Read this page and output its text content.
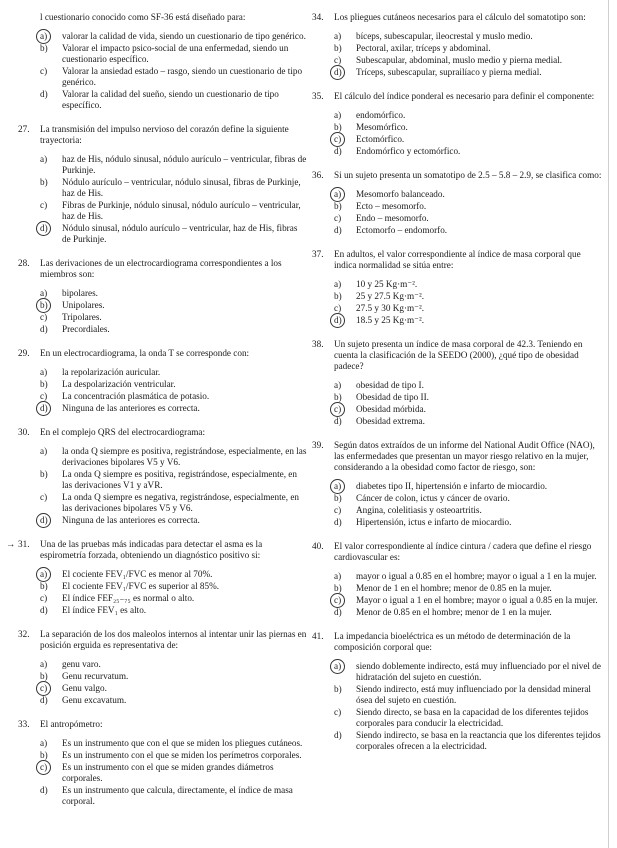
l cuestionario conocido como SF-36 está diseñado para:
a)	valorar la calidad de vida, siendo un cuestionario de tipo genérico.
b)	Valorar el impacto psico-social de una enfermedad, siendo un cuestionario específico.
c)	Valorar la ansiedad estado – rasgo, siendo un cuestionario de tipo genérico.
d)	Valorar la calidad del sueño, siendo un cuestionario de tipo específico.
27.	La transmisión del impulso nervioso del corazón define la siguiente trayectoria:
a)	haz de His, nódulo sinusal, nódulo aurículo – ventricular, fibras de Purkinje.
b)	Nódulo aurículo – ventricular, nódulo sinusal, fibras de Purkinje, haz de His.
c)	Fibras de Purkinje, nódulo sinusal, nódulo aurículo – ventricular, haz de His.
d)	Nódulo sinusal, nódulo aurículo – ventricular, haz de His, fibras de Purkinje.
28.	Las derivaciones de un electrocardiograma correspondientes a los miembros son:
a)	bipolares.
b)	Unipolares.
c)	Tripolares.
d)	Precordiales.
29.	En un electrocardiograma, la onda T se corresponde con:
a)	la repolarización auricular.
b)	La despolarización ventricular.
c)	La concentración plasmática de potasio.
d)	Ninguna de las anteriores es correcta.
30.	En el complejo QRS del electrocardiograma:
a)	la onda Q siempre es positiva, registrándose, especialmente, en las derivaciones bipolares V5 y V6.
b)	La onda Q siempre es positiva, registrándose, especialmente, en las derivaciones V1 y aVR.
c)	La onda Q siempre es negativa, registrándose, especialmente, en las derivaciones bipolares V5 y V6.
d)	Ninguna de las anteriores es correcta.
→ 31.	Una de las pruebas más indicadas para detectar el asma es la espirometría forzada, obteniendo un diagnóstico positivo si:
a)	El cociente FEV₁/FVC es menor al 70%.
b)	El cociente FEV₁/FVC es superior al 85%.
c)	El índice FEF₂₅₋₇₅ es normal o alto.
d)	El índice FEV₁ es alto.
32.	La separación de los dos maleolos internos al intentar unir las piernas en posición erguida es representativa de:
a)	genu varo.
b)	Genu recurvatum.
c)	Genu valgo.
d)	Genu excavatum.
33.	El antropómetro:
a)	Es un instrumento que con el que se miden los pliegues cutáneos.
b)	Es un instrumento con el que se miden los perímetros corporales.
c)	Es un instrumento con el que se miden grandes diámetros corporales.
d)	Es un instrumento que calcula, directamente, el índice de masa corporal.
34.	Los pliegues cutáneos necesarios para el cálculo del somatotipo son:
a)	bíceps, subescapular, ileocrestal y muslo medio.
b)	Pectoral, axilar, tríceps y abdominal.
c)	Subescapular, abdominal, muslo medio y pierna medial.
d)	Tríceps, subescapular, suprailíaco y pierna medial.
35.	El cálculo del índice ponderal es necesario para definir el componente:
a)	endomórfico.
b)	Mesomórfico.
c)	Ectomórfico.
d)	Endomórfico y ectomórfico.
36.	Si un sujeto presenta un somatotipo de 2.5 – 5.8 – 2.9, se clasifica como:
a)	Mesomorfo balanceado.
b)	Ecto – mesomorfo.
c)	Endo – mesomorfo.
d)	Ectomorfo – endomorfo.
37.	En adultos, el valor correspondiente al índice de masa corporal que indica normalidad se sitúa entre:
a)	10 y 25 Kg·m⁻².
b)	25 y 27.5 Kg·m⁻².
c)	27.5 y 30 Kg·m⁻².
d)	18.5 y 25 Kg·m⁻².
38.	Un sujeto presenta un índice de masa corporal de 42.3. Teniendo en cuenta la clasificación de la SEEDO (2000), ¿qué tipo de obesidad padece?
a)	obesidad de tipo I.
b)	Obesidad de tipo II.
c)	Obesidad mórbida.
d)	Obesidad extrema.
39.	Según datos extraídos de un informe del National Audit Office (NAO), las enfermedades que presentan un mayor riesgo relativo en la mujer, considerando a la obesidad como factor de riesgo, son:
a)	diabetes tipo II, hipertensión e infarto de miocardio.
b)	Cáncer de colon, ictus y cáncer de ovario.
c)	Angina, colelitiasis y osteoartritis.
d)	Hipertensión, ictus e infarto de miocardio.
40.	El valor correspondiente al índice cintura / cadera que define el riesgo cardiovascular es:
a)	mayor o igual a 0.85 en el hombre; mayor o igual a 1 en la mujer.
b)	Menor de 1 en el hombre; menor de 0.85 en la mujer.
c)	Mayor o igual a 1 en el hombre; mayor o igual a 0.85 en la mujer.
d)	Menor de 0.85 en el hombre; menor de 1 en la mujer.
41.	La impedancia bioeléctrica es un método de determinación de la composición corporal que:
a)	siendo doblemente indirecto, está muy influenciado por el nivel de hidratación del sujeto en cuestión.
b)	Siendo indirecto, está muy influenciado por la densidad mineral ósea del sujeto en cuestión.
c)	Siendo directo, se basa en la capacidad de los diferentes tejidos corporales para conducir la electricidad.
d)	Siendo indirecto, se basa en la reactancia que los diferentes tejidos corporales ofrecen a la electricidad.
